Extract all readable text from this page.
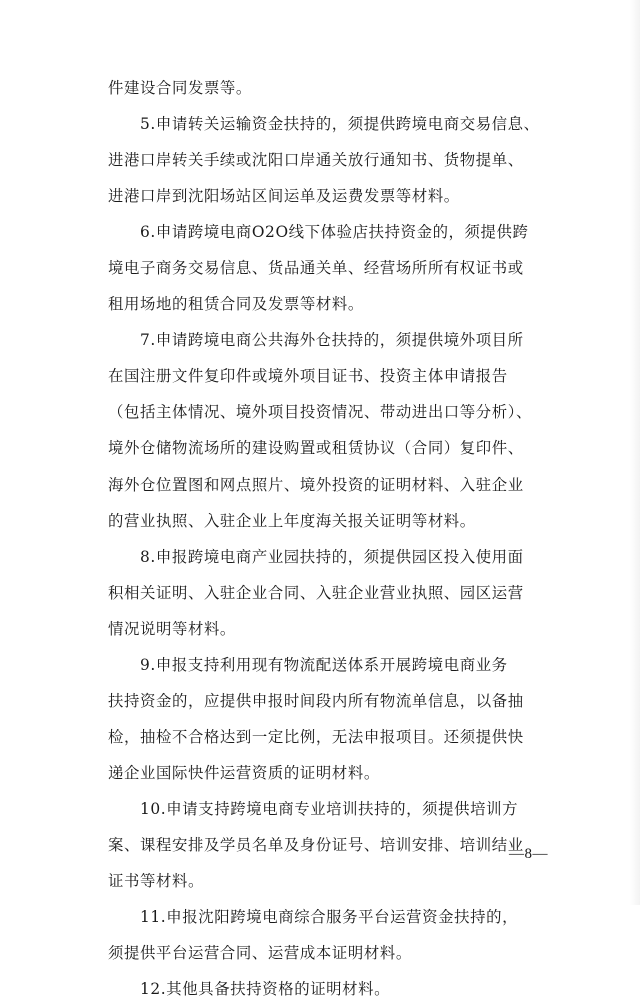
件建设合同发票等。
5.申请转关运输资金扶持的，须提供跨境电商交易信息、
进港口岸转关手续或沈阳口岸通关放行通知书、货物提单、
进港口岸到沈阳场站区间运单及运费发票等材料。
6.申请跨境电商O2O线下体验店扶持资金的，须提供跨
境电子商务交易信息、货品通关单、经营场所所有权证书或
租用场地的租赁合同及发票等材料。
7.申请跨境电商公共海外仓扶持的，须提供境外项目所
在国注册文件复印件或境外项目证书、投资主体申请报告
（包括主体情况、境外项目投资情况、带动进出口等分析）、
境外仓储物流场所的建设购置或租赁协议（合同）复印件、
海外仓位置图和网点照片、境外投资的证明材料、入驻企业
的营业执照、入驻企业上年度海关报关证明等材料。
8.申报跨境电商产业园扶持的，须提供园区投入使用面
积相关证明、入驻企业合同、入驻企业营业执照、园区运营
情况说明等材料。
9.申报支持利用现有物流配送体系开展跨境电商业务
扶持资金的，应提供申报时间段内所有物流单信息，以备抽
检，抽检不合格达到一定比例，无法申报项目。还须提供快
递企业国际快件运营资质的证明材料。
10.申请支持跨境电商专业培训扶持的，须提供培训方
案、课程安排及学员名单及身份证号、培训安排、培训结业
证书等材料。
11.申报沈阳跨境电商综合服务平台运营资金扶持的，
须提供平台运营合同、运营成本证明材料。
12.其他具备扶持资格的证明材料。
—8—
